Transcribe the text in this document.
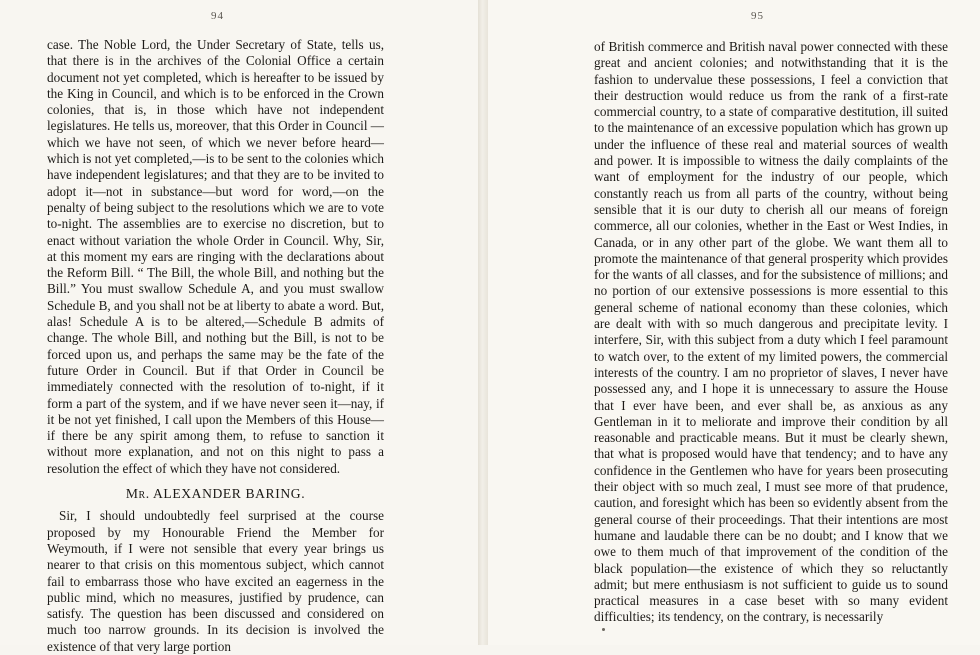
94

case. The Noble Lord, the Under Secretary of State, tells us, that there is in the archives of the Colonial Office a certain document not yet completed, which is hereafter to be issued by the King in Council, and which is to be enforced in the Crown colonies, that is, in those which have not independent legislatures. He tells us, moreover, that this Order in Council —which we have not seen, of which we never before heard—which is not yet completed,—is to be sent to the colonies which have independent legislatures; and that they are to be invited to adopt it—not in substance—but word for word,—on the penalty of being subject to the resolutions which we are to vote to-night. The assemblies are to exercise no discretion, but to enact without variation the whole Order in Council. Why, Sir, at this moment my ears are ringing with the declarations about the Reform Bill. “ The Bill, the whole Bill, and nothing but the Bill.” You must swallow Schedule A, and you must swallow Schedule B, and you shall not be at liberty to abate a word. But, alas! Schedule A is to be altered,—Schedule B admits of change. The whole Bill, and nothing but the Bill, is not to be forced upon us, and perhaps the same may be the fate of the future Order in Council. But if that Order in Council be immediately connected with the resolution of to-night, if it form a part of the system, and if we have never seen it—nay, if it be not yet finished, I call upon the Members of this House—if there be any spirit among them, to refuse to sanction it without more explanation, and not on this night to pass a resolution the effect of which they have not considered.

Mr. ALEXANDER BARING.

Sir, I should undoubtedly feel surprised at the course proposed by my Honourable Friend the Member for Weymouth, if I were not sensible that every year brings us nearer to that crisis on this momentous subject, which cannot fail to embarrass those who have excited an eagerness in the public mind, which no measures, justified by prudence, can satisfy. The question has been discussed and considered on much too narrow grounds. In its decision is involved the existence of that very large portion

95

of British commerce and British naval power connected with these great and ancient colonies; and notwithstanding that it is the fashion to undervalue these possessions, I feel a conviction that their destruction would reduce us from the rank of a first-rate commercial country, to a state of comparative destitution, ill suited to the maintenance of an excessive population which has grown up under the influence of these real and material sources of wealth and power. It is impossible to witness the daily complaints of the want of employment for the industry of our people, which constantly reach us from all parts of the country, without being sensible that it is our duty to cherish all our means of foreign commerce, all our colonies, whether in the East or West Indies, in Canada, or in any other part of the globe. We want them all to promote the maintenance of that general prosperity which provides for the wants of all classes, and for the subsistence of millions; and no portion of our extensive possessions is more essential to this general scheme of national economy than these colonies, which are dealt with with so much dangerous and precipitate levity. I interfere, Sir, with this subject from a duty which I feel paramount to watch over, to the extent of my limited powers, the commercial interests of the country. I am no proprietor of slaves, I never have possessed any, and I hope it is unnecessary to assure the House that I ever have been, and ever shall be, as anxious as any Gentleman in it to meliorate and improve their condition by all reasonable and practicable means. But it must be clearly shewn, that what is proposed would have that tendency; and to have any confidence in the Gentlemen who have for years been prosecuting their object with so much zeal, I must see more of that prudence, caution, and foresight which has been so evidently absent from the general course of their proceedings. That their intentions are most humane and laudable there can be no doubt; and I know that we owe to them much of that improvement of the condition of the black population—the existence of which they so reluctantly admit; but mere enthusiasm is not sufficient to guide us to sound practical measures in a case beset with so many evident difficulties; its tendency, on the contrary, is necessarily
